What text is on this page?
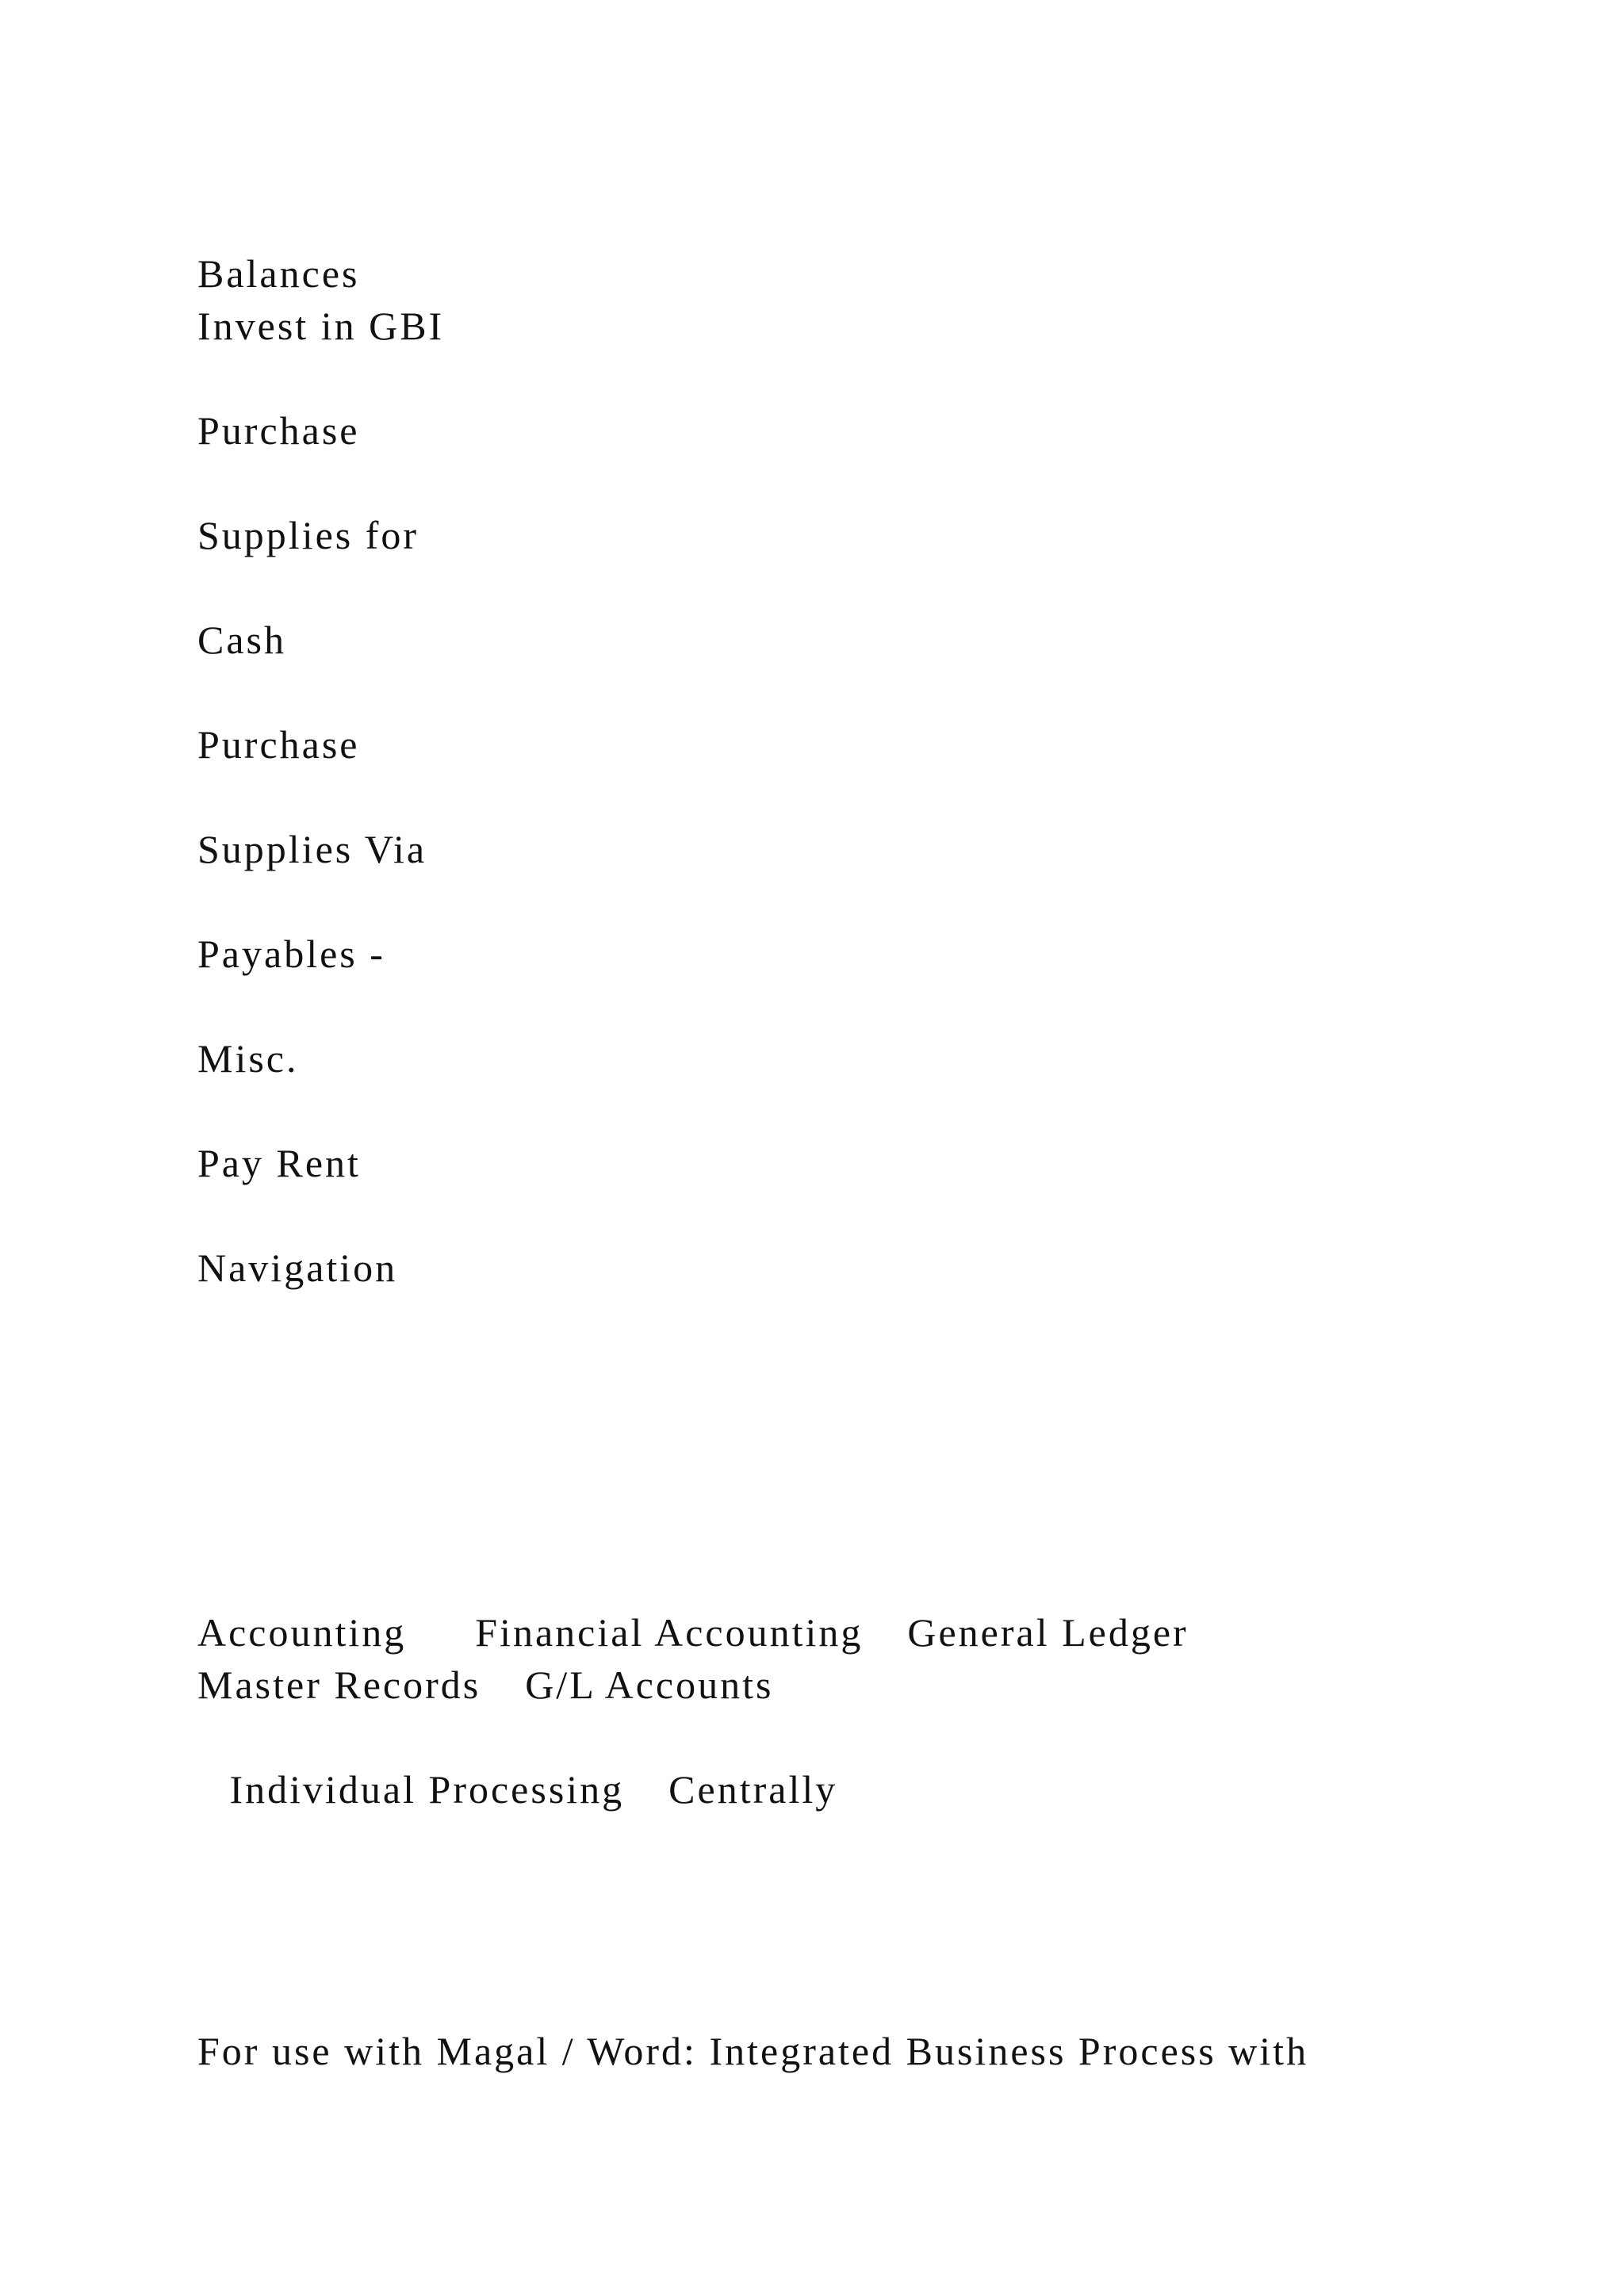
Balances
Invest in GBI
Purchase
Supplies for
Cash
Purchase
Supplies Via
Payables -
Misc.
Pay Rent
Navigation
Accounting Financial Accounting General Ledger
Master Records G/L Accounts
Individual Processing Centrally
For use with Magal / Word: Integrated Business Process with
